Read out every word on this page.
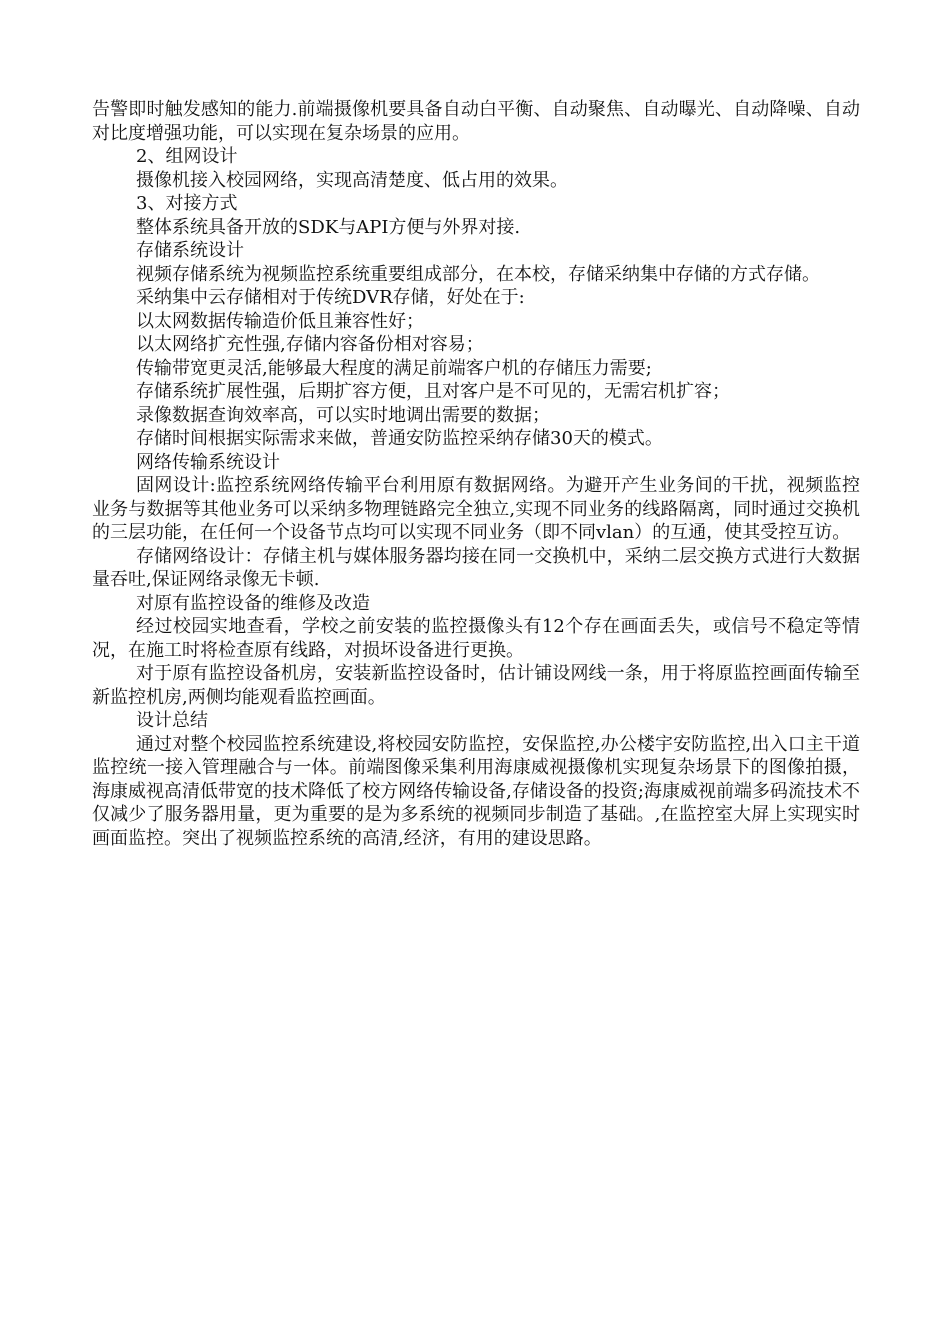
告警即时触发感知的能力.前端摄像机要具备自动白平衡、自动聚焦、自动曝光、自动降噪、自动对比度增强功能，可以实现在复杂场景的应用。

2、组网设计

摄像机接入校园网络，实现高清楚度、低占用的效果。

3、对接方式

整体系统具备开放的SDK与API方便与外界对接.

存储系统设计

视频存储系统为视频监控系统重要组成部分，在本校，存储采纳集中存储的方式存储。

采纳集中云存储相对于传统DVR存储，好处在于:

以太网数据传输造价低且兼容性好；

以太网络扩充性强,存储内容备份相对容易；

传输带宽更灵活,能够最大程度的满足前端客户机的存储压力需要;

存储系统扩展性强，后期扩容方便，且对客户是不可见的，无需宕机扩容；

录像数据查询效率高，可以实时地调出需要的数据；

存储时间根据实际需求来做，普通安防监控采纳存储30天的模式。

网络传输系统设计

固网设计:监控系统网络传输平台利用原有数据网络。为避开产生业务间的干扰，视频监控业务与数据等其他业务可以采纳多物理链路完全独立,实现不同业务的线路隔离，同时通过交换机的三层功能，在任何一个设备节点均可以实现不同业务（即不同vlan）的互通，使其受控互访。

存储网络设计：存储主机与媒体服务器均接在同一交换机中，采纳二层交换方式进行大数据量吞吐,保证网络录像无卡顿.

对原有监控设备的维修及改造

经过校园实地查看，学校之前安装的监控摄像头有12个存在画面丢失，或信号不稳定等情况，在施工时将检查原有线路，对损坏设备进行更换。

对于原有监控设备机房，安装新监控设备时，估计铺设网线一条，用于将原监控画面传输至新监控机房,两侧均能观看监控画面。

设计总结

通过对整个校园监控系统建设,将校园安防监控，安保监控,办公楼宇安防监控,出入口主干道监控统一接入管理融合与一体。前端图像采集利用海康威视摄像机实现复杂场景下的图像拍摄，海康威视高清低带宽的技术降低了校方网络传输设备,存储设备的投资;海康威视前端多码流技术不仅减少了服务器用量，更为重要的是为多系统的视频同步制造了基础。,在监控室大屏上实现实时画面监控。突出了视频监控系统的高清,经济，有用的建设思路。
